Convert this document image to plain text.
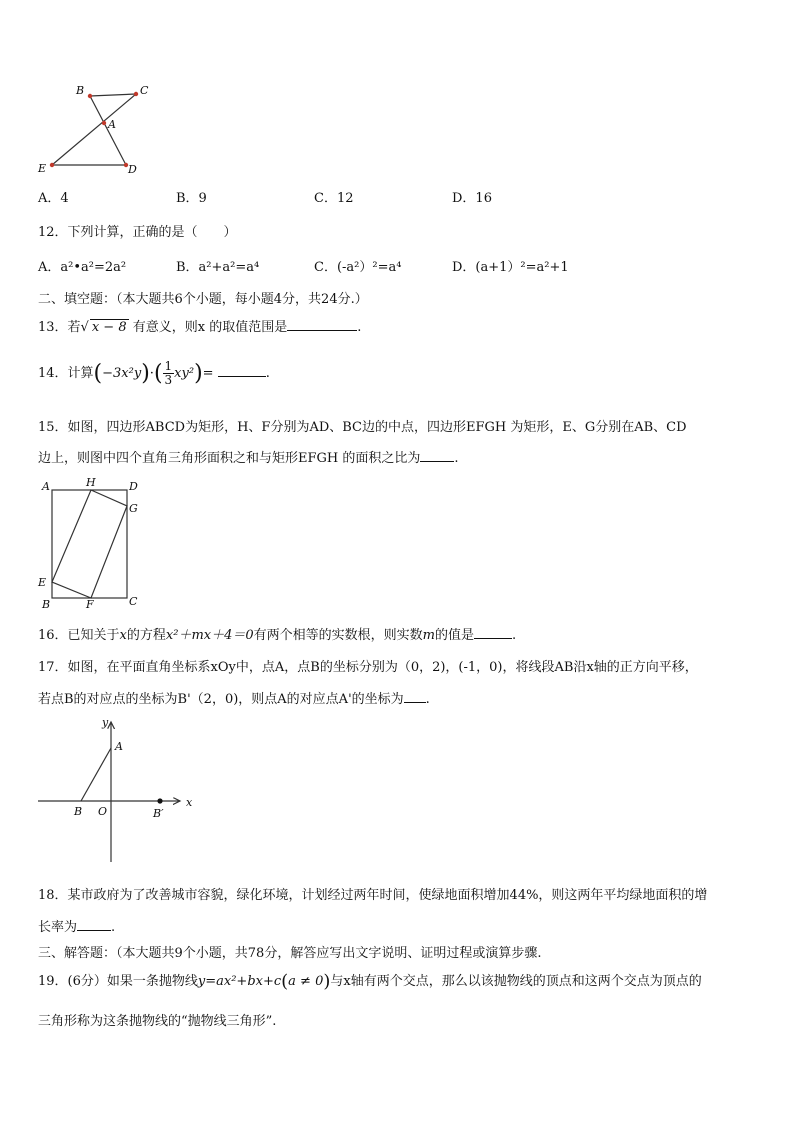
B	C
A
E	D
A．4	B．9	C．12	D．16
12．下列计算，正确的是（　　）
A．a²•a²=2a²	B．a²+a²=a⁴	C．(-a²）²=a⁴	D．(a+1）²=a²+1
二、填空题：（本大题共6个小题，每小题4分，共24分.）
13．若√ x − 8 有意义，则x 的取值范围是	.
14．计算$(-3x^2y)\cdot( \frac{1}{3} xy^2)=$	.
15．如图，四边形ABCD为矩形，H、F分别为AD、BC边的中点，四边形EFGH 为矩形，E、G分别在AB、CD
边上，则图中四个直角三角形面积之和与矩形EFGH 的面积之比为	.
A	H	D
G
E
B	F	C
16．已知关于x的方程x²＋mx＋4＝0有两个相等的实数根，则实数m的值是	.
17．如图，在平面直角坐标系xOy中，点A，点B的坐标分别为（0，2)，(-1，0)，将线段AB沿x轴的正方向平移，
若点B的对应点的坐标为B'（2，0)，则点A的对应点A'的坐标为 .
y
A
x
B O	B′
18．某市政府为了改善城市容貌，绿化环境，计划经过两年时间，使绿地面积增加44%，则这两年平均绿地面积的增
长率为	.
三、解答题：（本大题共9个小题，共78分，解答应写出文字说明、证明过程或演算步骤.
19．(6分）如果一条抛物线y=ax²+bx+c(a ≠ 0)与x轴有两个交点，那么以该抛物线的顶点和这两个交点为顶点的
三角形称为这条抛物线的“抛物线三角形”.
